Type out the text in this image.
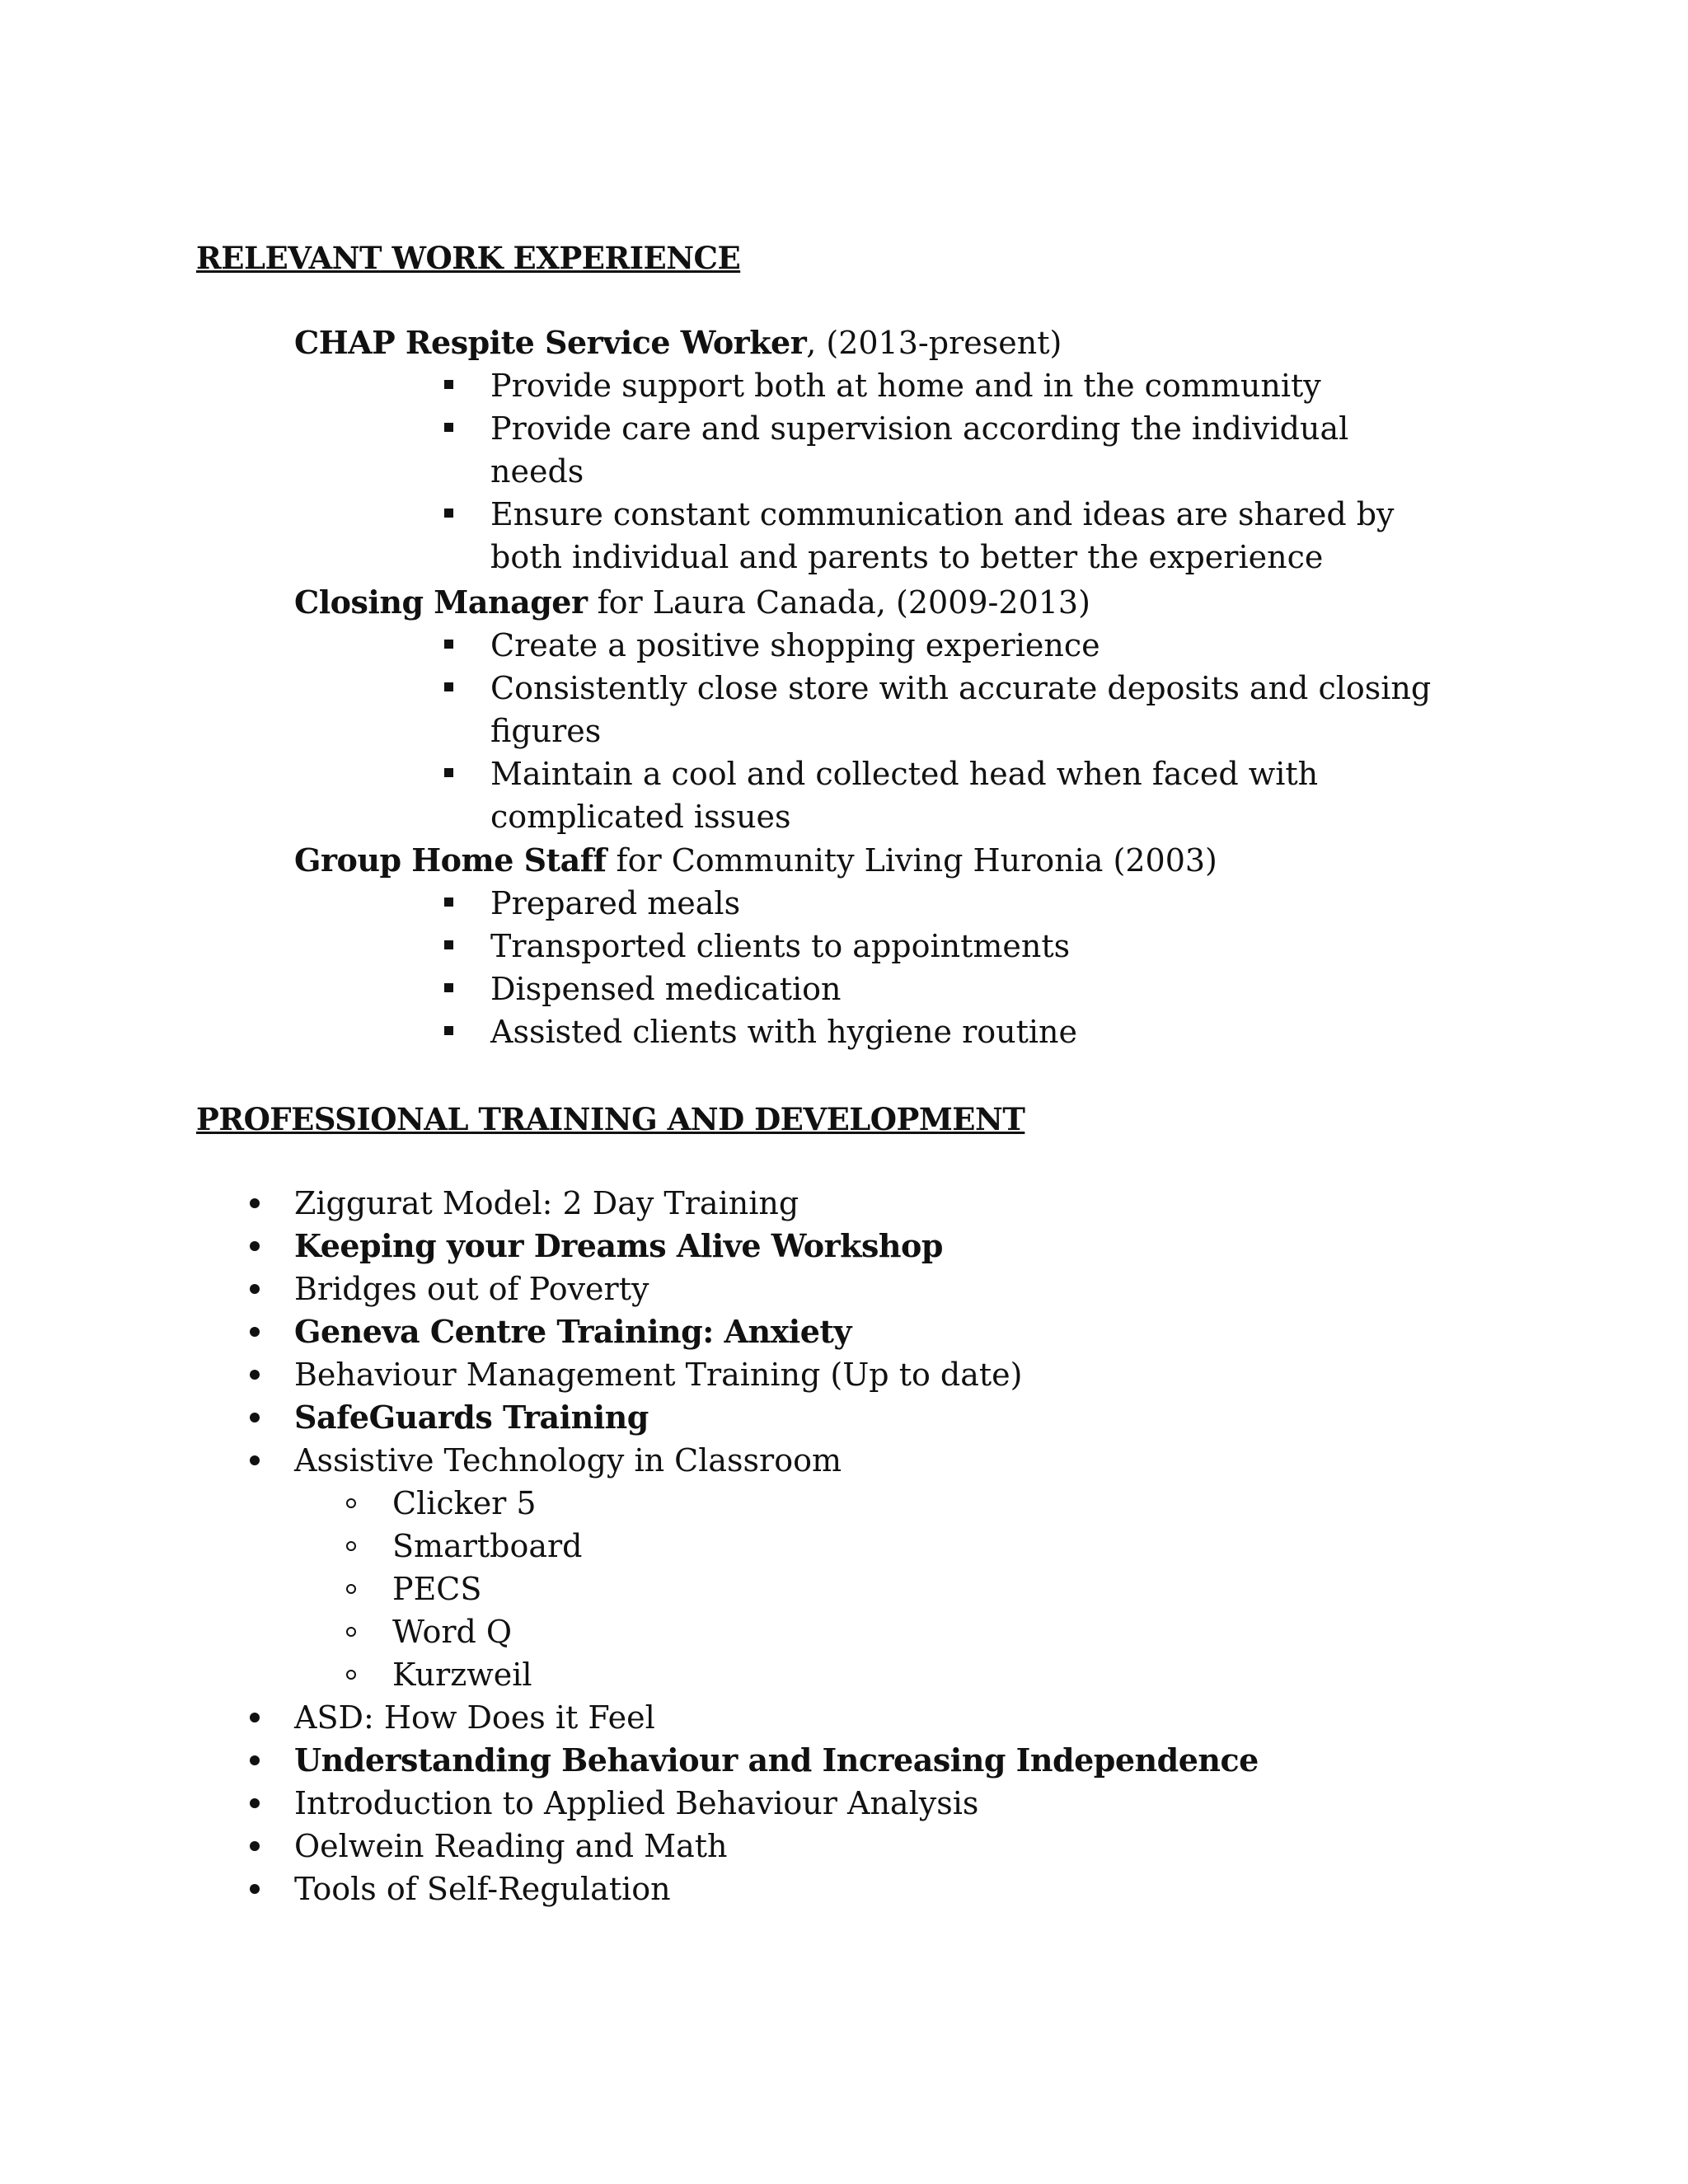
RELEVANT WORK EXPERIENCE
CHAP Respite Service Worker, (2013-present)
Provide support both at home and in the community
Provide care and supervision according the individual needs
Ensure constant communication and ideas are shared by both individual and parents to better the experience
Closing Manager for Laura Canada, (2009-2013)
Create a positive shopping experience
Consistently close store with accurate deposits and closing figures
Maintain a cool and collected head when faced with complicated issues
Group Home Staff for Community Living Huronia (2003)
Prepared meals
Transported clients to appointments
Dispensed medication
Assisted clients with hygiene routine
PROFESSIONAL TRAINING AND DEVELOPMENT
Ziggurat Model: 2 Day Training
Keeping your Dreams Alive Workshop
Bridges out of Poverty
Geneva Centre Training: Anxiety
Behaviour Management Training (Up to date)
SafeGuards Training
Assistive Technology in Classroom
Clicker 5
Smartboard
PECS
Word Q
Kurzweil
ASD: How Does it Feel
Understanding Behaviour and Increasing Independence
Introduction to Applied Behaviour Analysis
Oelwein Reading and Math
Tools of Self-Regulation
